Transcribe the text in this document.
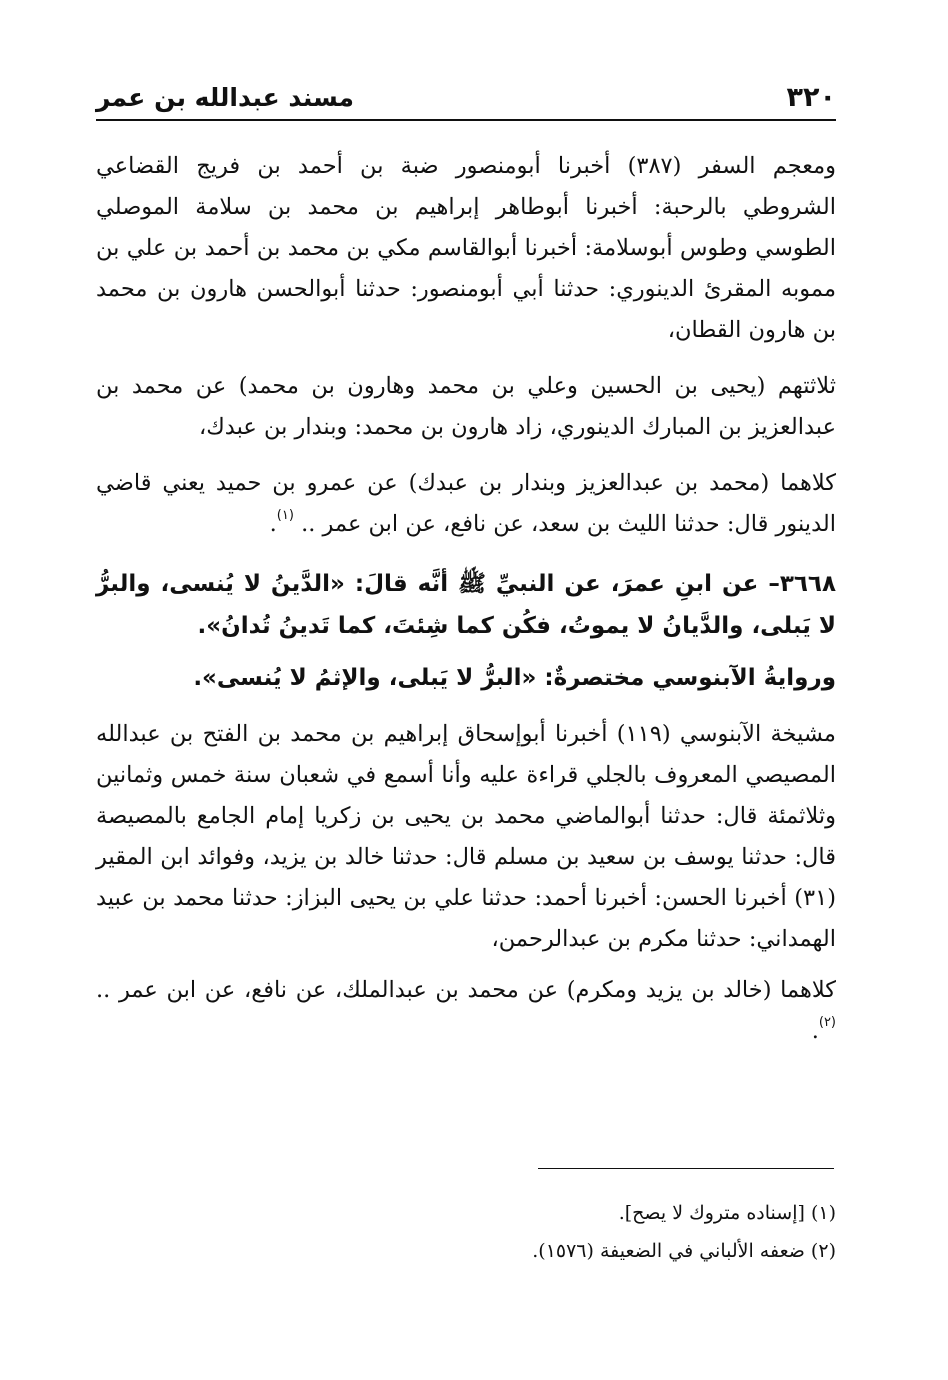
٣٢٠
مسند عبدالله بن عمر

ومعجم السفر (٣٨٧) أخبرنا أبومنصور ضبة بن أحمد بن فريج القضاعي الشروطي بالرحبة: أخبرنا أبوطاهر إبراهيم بن محمد بن سلامة الموصلي الطوسي وطوس أبوسلامة: أخبرنا أبوالقاسم مكي بن محمد بن أحمد بن علي بن مموبه المقرئ الدينوري: حدثنا أبي أبومنصور: حدثنا أبوالحسن هارون بن محمد بن هارون القطان،

ثلاثتهم (يحيى بن الحسين وعلي بن محمد وهارون بن محمد) عن محمد بن عبدالعزيز بن المبارك الدينوري، زاد هارون بن محمد: وبندار بن عبدك،

كلاهما (محمد بن عبدالعزيز وبندار بن عبدك) عن عمرو بن حميد يعني قاضي الدينور قال: حدثنا الليث بن سعد، عن نافع، عن ابن عمر .. $^{(١)}$.

٣٦٦٨– عن ابنِ عمرَ، عن النبيِّ ﷺ أنَّه قالَ: «الدَّينُ لا يُنسى، والبرُّ لا يَبلى، والدَّيانُ لا يموتُ، فكُن كما شِئتَ، كما تَدينُ تُدانُ».

وروايةُ الآبنوسي مختصرةٌ: «البرُّ لا يَبلى، والإثمُ لا يُنسى».

مشيخة الآبنوسي (١١٩) أخبرنا أبوإسحاق إبراهيم بن محمد بن الفتح بن عبدالله المصيصي المعروف بالجلي قراءة عليه وأنا أسمع في شعبان سنة خمس وثمانين وثلاثمئة قال: حدثنا أبوالماضي محمد بن يحيى بن زكريا إمام الجامع بالمصيصة قال: حدثنا يوسف بن سعيد بن مسلم قال: حدثنا خالد بن يزيد، وفوائد ابن المقير (٣١) أخبرنا الحسن: أخبرنا أحمد: حدثنا علي بن يحيى البزاز: حدثنا محمد بن عبيد الهمداني: حدثنا مكرم بن عبدالرحمن،

كلاهما (خالد بن يزيد ومكرم) عن محمد بن عبدالملك، عن نافع، عن ابن عمر .. $^{(٢)}$.

(١) [إسناده متروك لا يصح].

(٢) ضعفه الألباني في الضعيفة (١٥٧٦).
